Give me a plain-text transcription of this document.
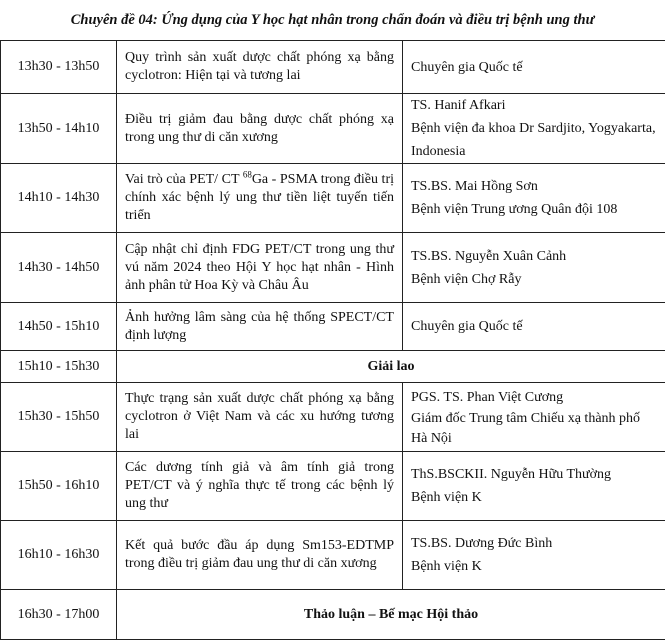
Chuyên đề 04: Ứng dụng của Y học hạt nhân trong chẩn đoán và điều trị bệnh ung thư
13h30 - 13h50	Quy trình sản xuất dược chất phóng xạ bằng cyclotron: Hiện tại và tương lai	Chuyên gia Quốc tế

13h50 - 14h10	Điều trị giảm đau bằng dược chất phóng xạ trong ung thư di căn xương	TS. Hanif Afkari
Bệnh viện đa khoa Dr Sardjito, Yogyakarta, Indonesia

14h10 - 14h30	Vai trò của PET/ CT $^{68}$Ga - PSMA trong điều trị chính xác bệnh lý ung thư tiền liệt tuyến tiến triển	TS.BS. Mai Hồng Sơn
Bệnh viện Trung ương Quân đội 108

14h30 - 14h50	Cập nhật chỉ định FDG PET/CT trong ung thư vú năm 2024 theo Hội Y học hạt nhân - Hình ảnh phân tử Hoa Kỳ và Châu Âu	TS.BS. Nguyễn Xuân Cảnh
Bệnh viện Chợ Rẫy

14h50 - 15h10	Ảnh hưởng lâm sàng của hệ thống SPECT/CT định lượng	Chuyên gia Quốc tế

15h10 - 15h30	Giải lao	
15h30 - 15h50	Thực trạng sản xuất dược chất phóng xạ bằng cyclotron ở Việt Nam và các xu hướng tương lai	PGS. TS. Phan Việt Cương
Giám đốc Trung tâm Chiếu xạ thành phố Hà Nội

15h50 - 16h10	Các dương tính giả và âm tính giả trong PET/CT và ý nghĩa thực tế trong các bệnh lý ung thư	ThS.BSCKII. Nguyễn Hữu Thường
Bệnh viện K

16h10 - 16h30	Kết quả bước đầu áp dụng Sm153-EDTMP trong điều trị giảm đau ung thư di căn xương	TS.BS. Dương Đức Bình
Bệnh viện K

16h30 - 17h00	Thảo luận – Bế mạc Hội thảo	
